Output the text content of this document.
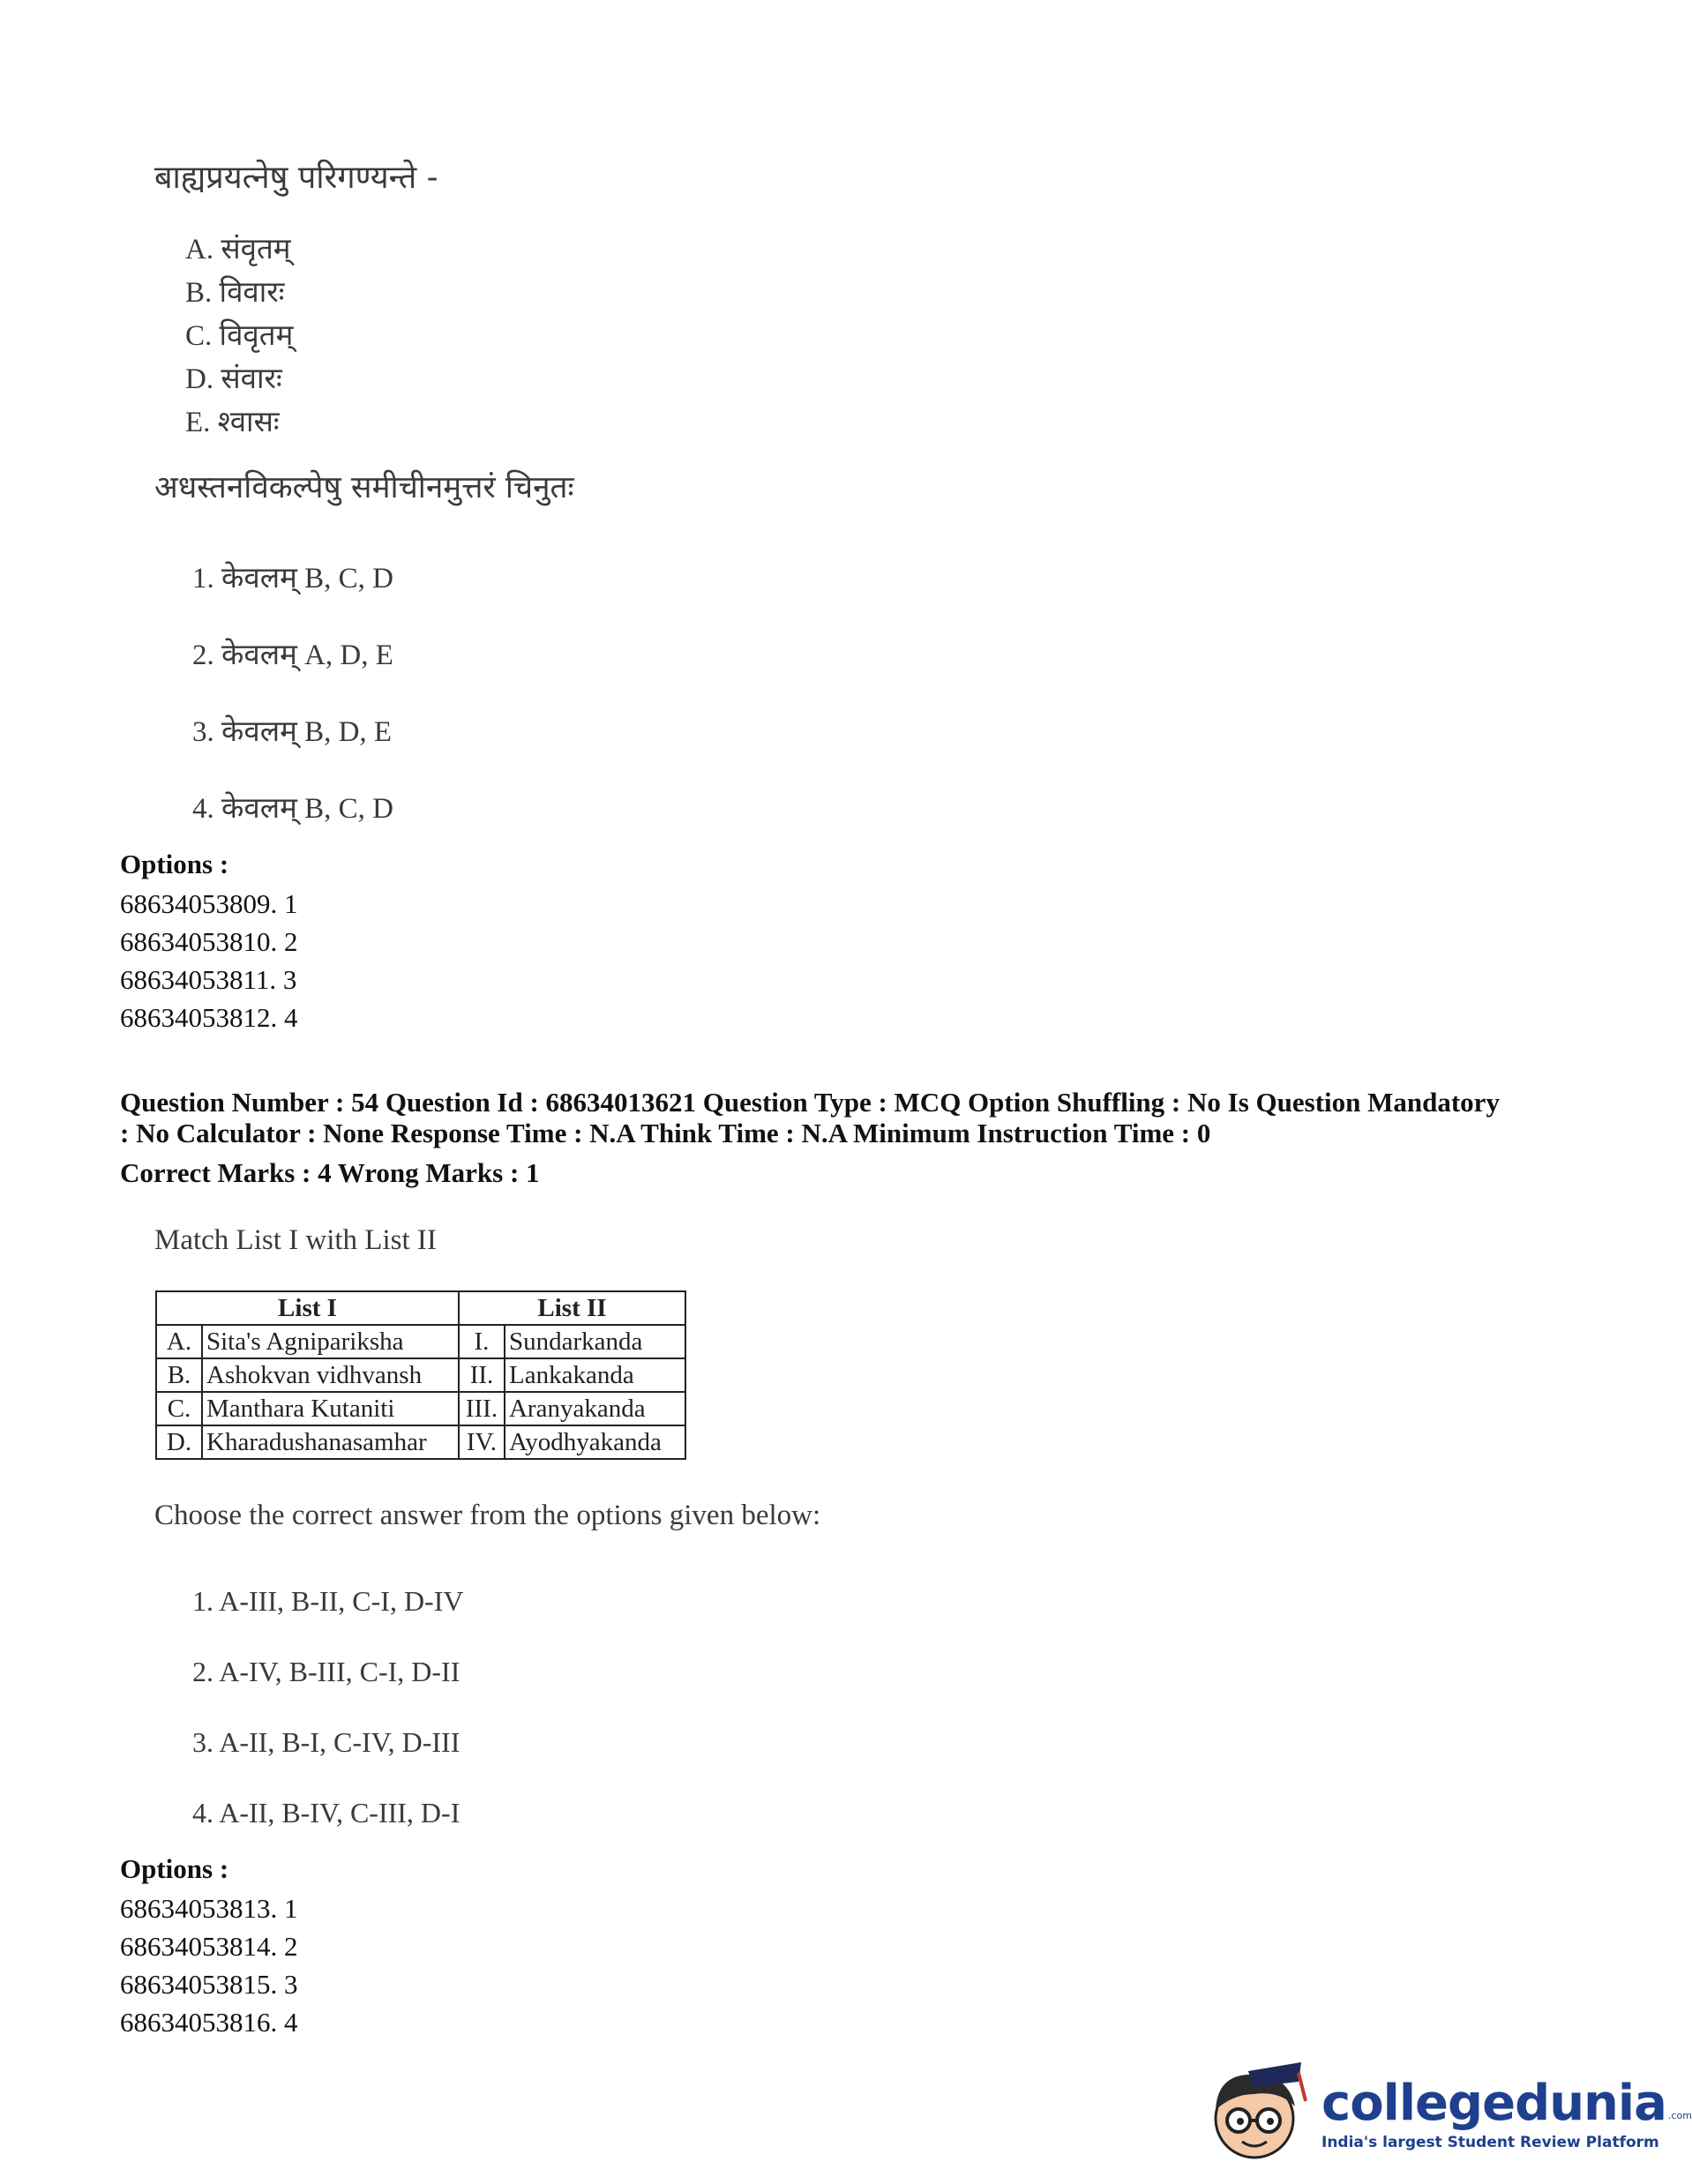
बाह्यप्रयत्नेषु परिगण्यन्ते -
A. संवृतम्
B. विवारः
C. विवृतम्
D. संवारः
E. श्वासः
अधस्तनविकल्पेषु समीचीनमुत्तरं चिनुतः
1. केवलम् B, C, D
2. केवलम् A, D, E
3. केवलम् B, D, E
4. केवलम् B, C, D
Options :
68634053809. 1
68634053810. 2
68634053811. 3
68634053812. 4
Question Number : 54 Question Id : 68634013621 Question Type : MCQ Option Shuffling : No Is Question Mandatory
: No Calculator : None Response Time : N.A Think Time : N.A Minimum Instruction Time : 0
Correct Marks : 4 Wrong Marks : 1
Match List I with List II
List I		List II	
A.	Sita's Agnipariksha	I.	Sundarkanda
B.	Ashokvan vidhvansh	II.	Lankakanda
C.	Manthara Kutaniti	III.	Aranyakanda
D.	Kharadushanasamhar	IV.	Ayodhyakanda
Choose the correct answer from the options given below:
1. A-III, B-II, C-I, D-IV
2. A-IV, B-III, C-I, D-II
3. A-II, B-I, C-IV, D-III
4. A-II, B-IV, C-III, D-I
Options :
68634053813. 1
68634053814. 2
68634053815. 3
68634053816. 4
collegedunia .com
India's largest Student Review Platform
